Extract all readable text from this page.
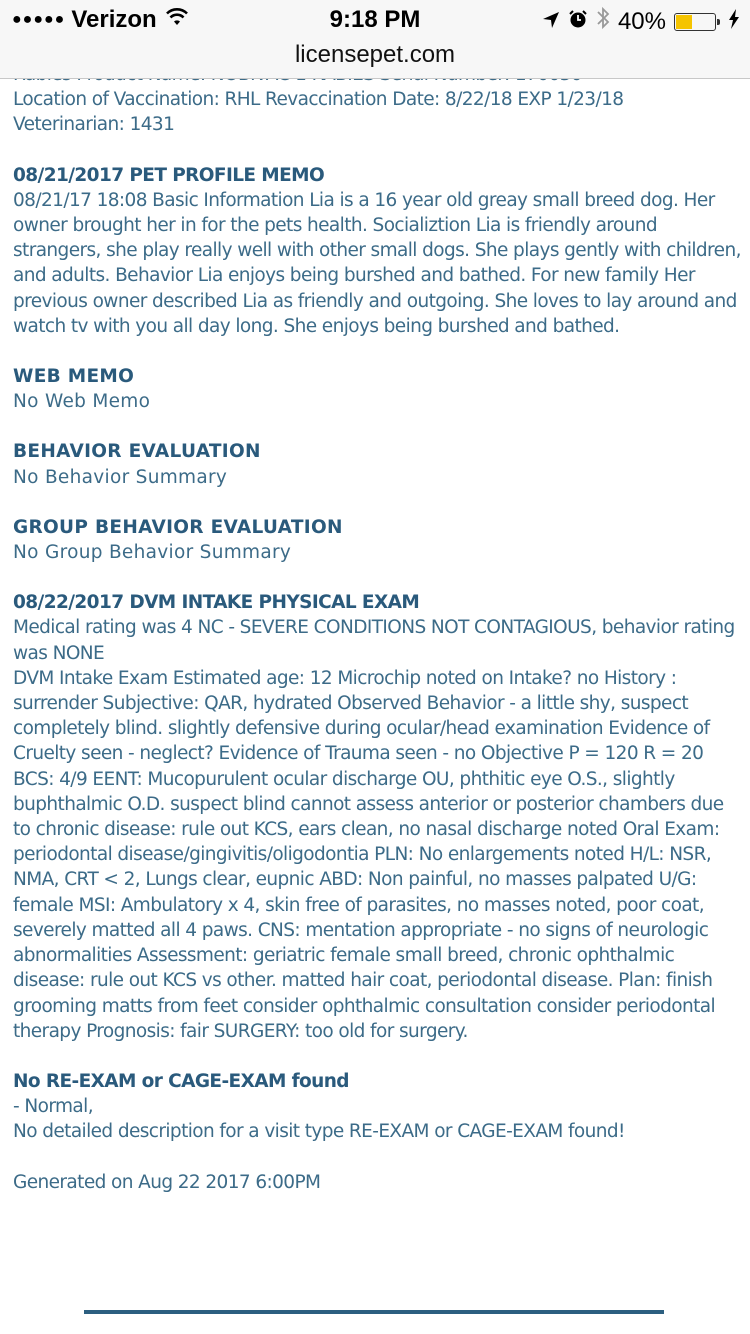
●●●●● Verizon	9:18 PM	40%
licensepet.com

Location of Vaccination: RHL Revaccination Date: 8/22/18 EXP 1/23/18

Veterinarian: 1431

08/21/2017 PET PROFILE MEMO

08/21/17 18:08 Basic Information Lia is a 16 year old greay small breed dog. Her owner brought her in for the pets health. Socializtion Lia is friendly around strangers, she play really well with other small dogs. She plays gently with children, and adults. Behavior Lia enjoys being burshed and bathed. For new family Her previous owner described Lia as friendly and outgoing. She loves to lay around and watch tv with you all day long. She enjoys being burshed and bathed.

WEB MEMO

No Web Memo

BEHAVIOR EVALUATION

No Behavior Summary

GROUP BEHAVIOR EVALUATION

No Group Behavior Summary

08/22/2017 DVM INTAKE PHYSICAL EXAM

Medical rating was 4 NC - SEVERE CONDITIONS NOT CONTAGIOUS, behavior rating was NONE

DVM Intake Exam Estimated age: 12 Microchip noted on Intake? no History : surrender Subjective: QAR, hydrated Observed Behavior - a little shy, suspect completely blind. slightly defensive during ocular/head examination Evidence of Cruelty seen - neglect? Evidence of Trauma seen - no Objective P = 120 R = 20 BCS: 4/9 EENT: Mucopurulent ocular discharge OU, phthitic eye O.S., slightly buphthalmic O.D. suspect blind cannot assess anterior or posterior chambers due to chronic disease: rule out KCS, ears clean, no nasal discharge noted Oral Exam: periodontal disease/gingivitis/oligodontia PLN: No enlargements noted H/L: NSR, NMA, CRT < 2, Lungs clear, eupnic ABD: Non painful, no masses palpated U/G: female MSI: Ambulatory x 4, skin free of parasites, no masses noted, poor coat, severely matted all 4 paws. CNS: mentation appropriate - no signs of neurologic abnormalities Assessment: geriatric female small breed, chronic ophthalmic disease: rule out KCS vs other. matted hair coat, periodontal disease. Plan: finish grooming matts from feet consider ophthalmic consultation consider periodontal therapy Prognosis: fair SURGERY: too old for surgery.

No RE-EXAM or CAGE-EXAM found

- Normal,

No detailed description for a visit type RE-EXAM or CAGE-EXAM found!

Generated on Aug 22 2017 6:00PM
